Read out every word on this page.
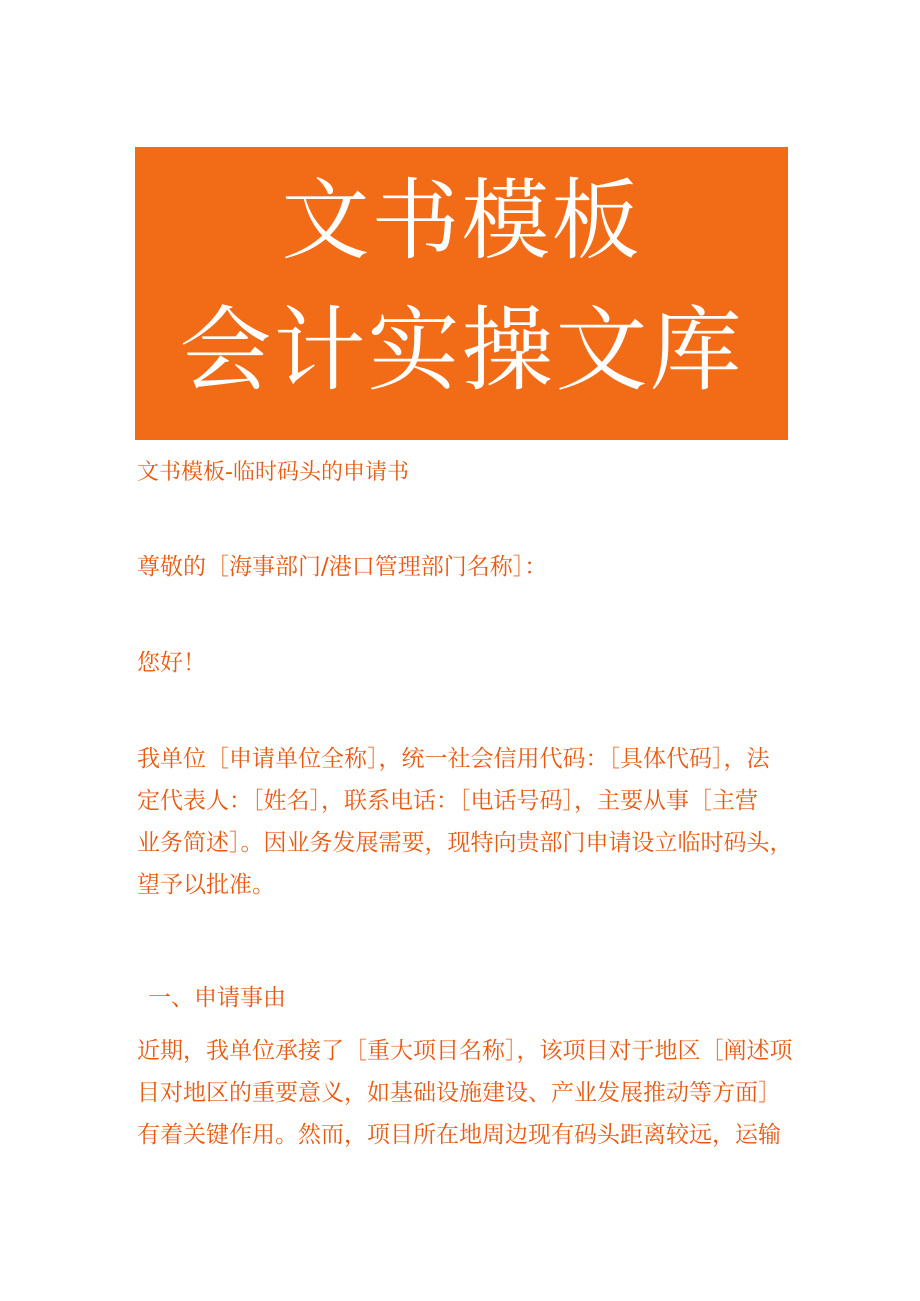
文书模板
会计实操文库
文书模板-临时码头的申请书
尊敬的［海事部门/港口管理部门名称］：
您好！
我单位［申请单位全称］，统一社会信用代码：［具体代码］，法
定代表人：［姓名］，联系电话：［电话号码］，主要从事［主营
业务简述］。因业务发展需要，现特向贵部门申请设立临时码头，
望予以批准。
一、申请事由
近期，我单位承接了［重大项目名称］，该项目对于地区［阐述项
目对地区的重要意义，如基础设施建设、产业发展推动等方面］
有着关键作用。然而，项目所在地周边现有码头距离较远，运输
